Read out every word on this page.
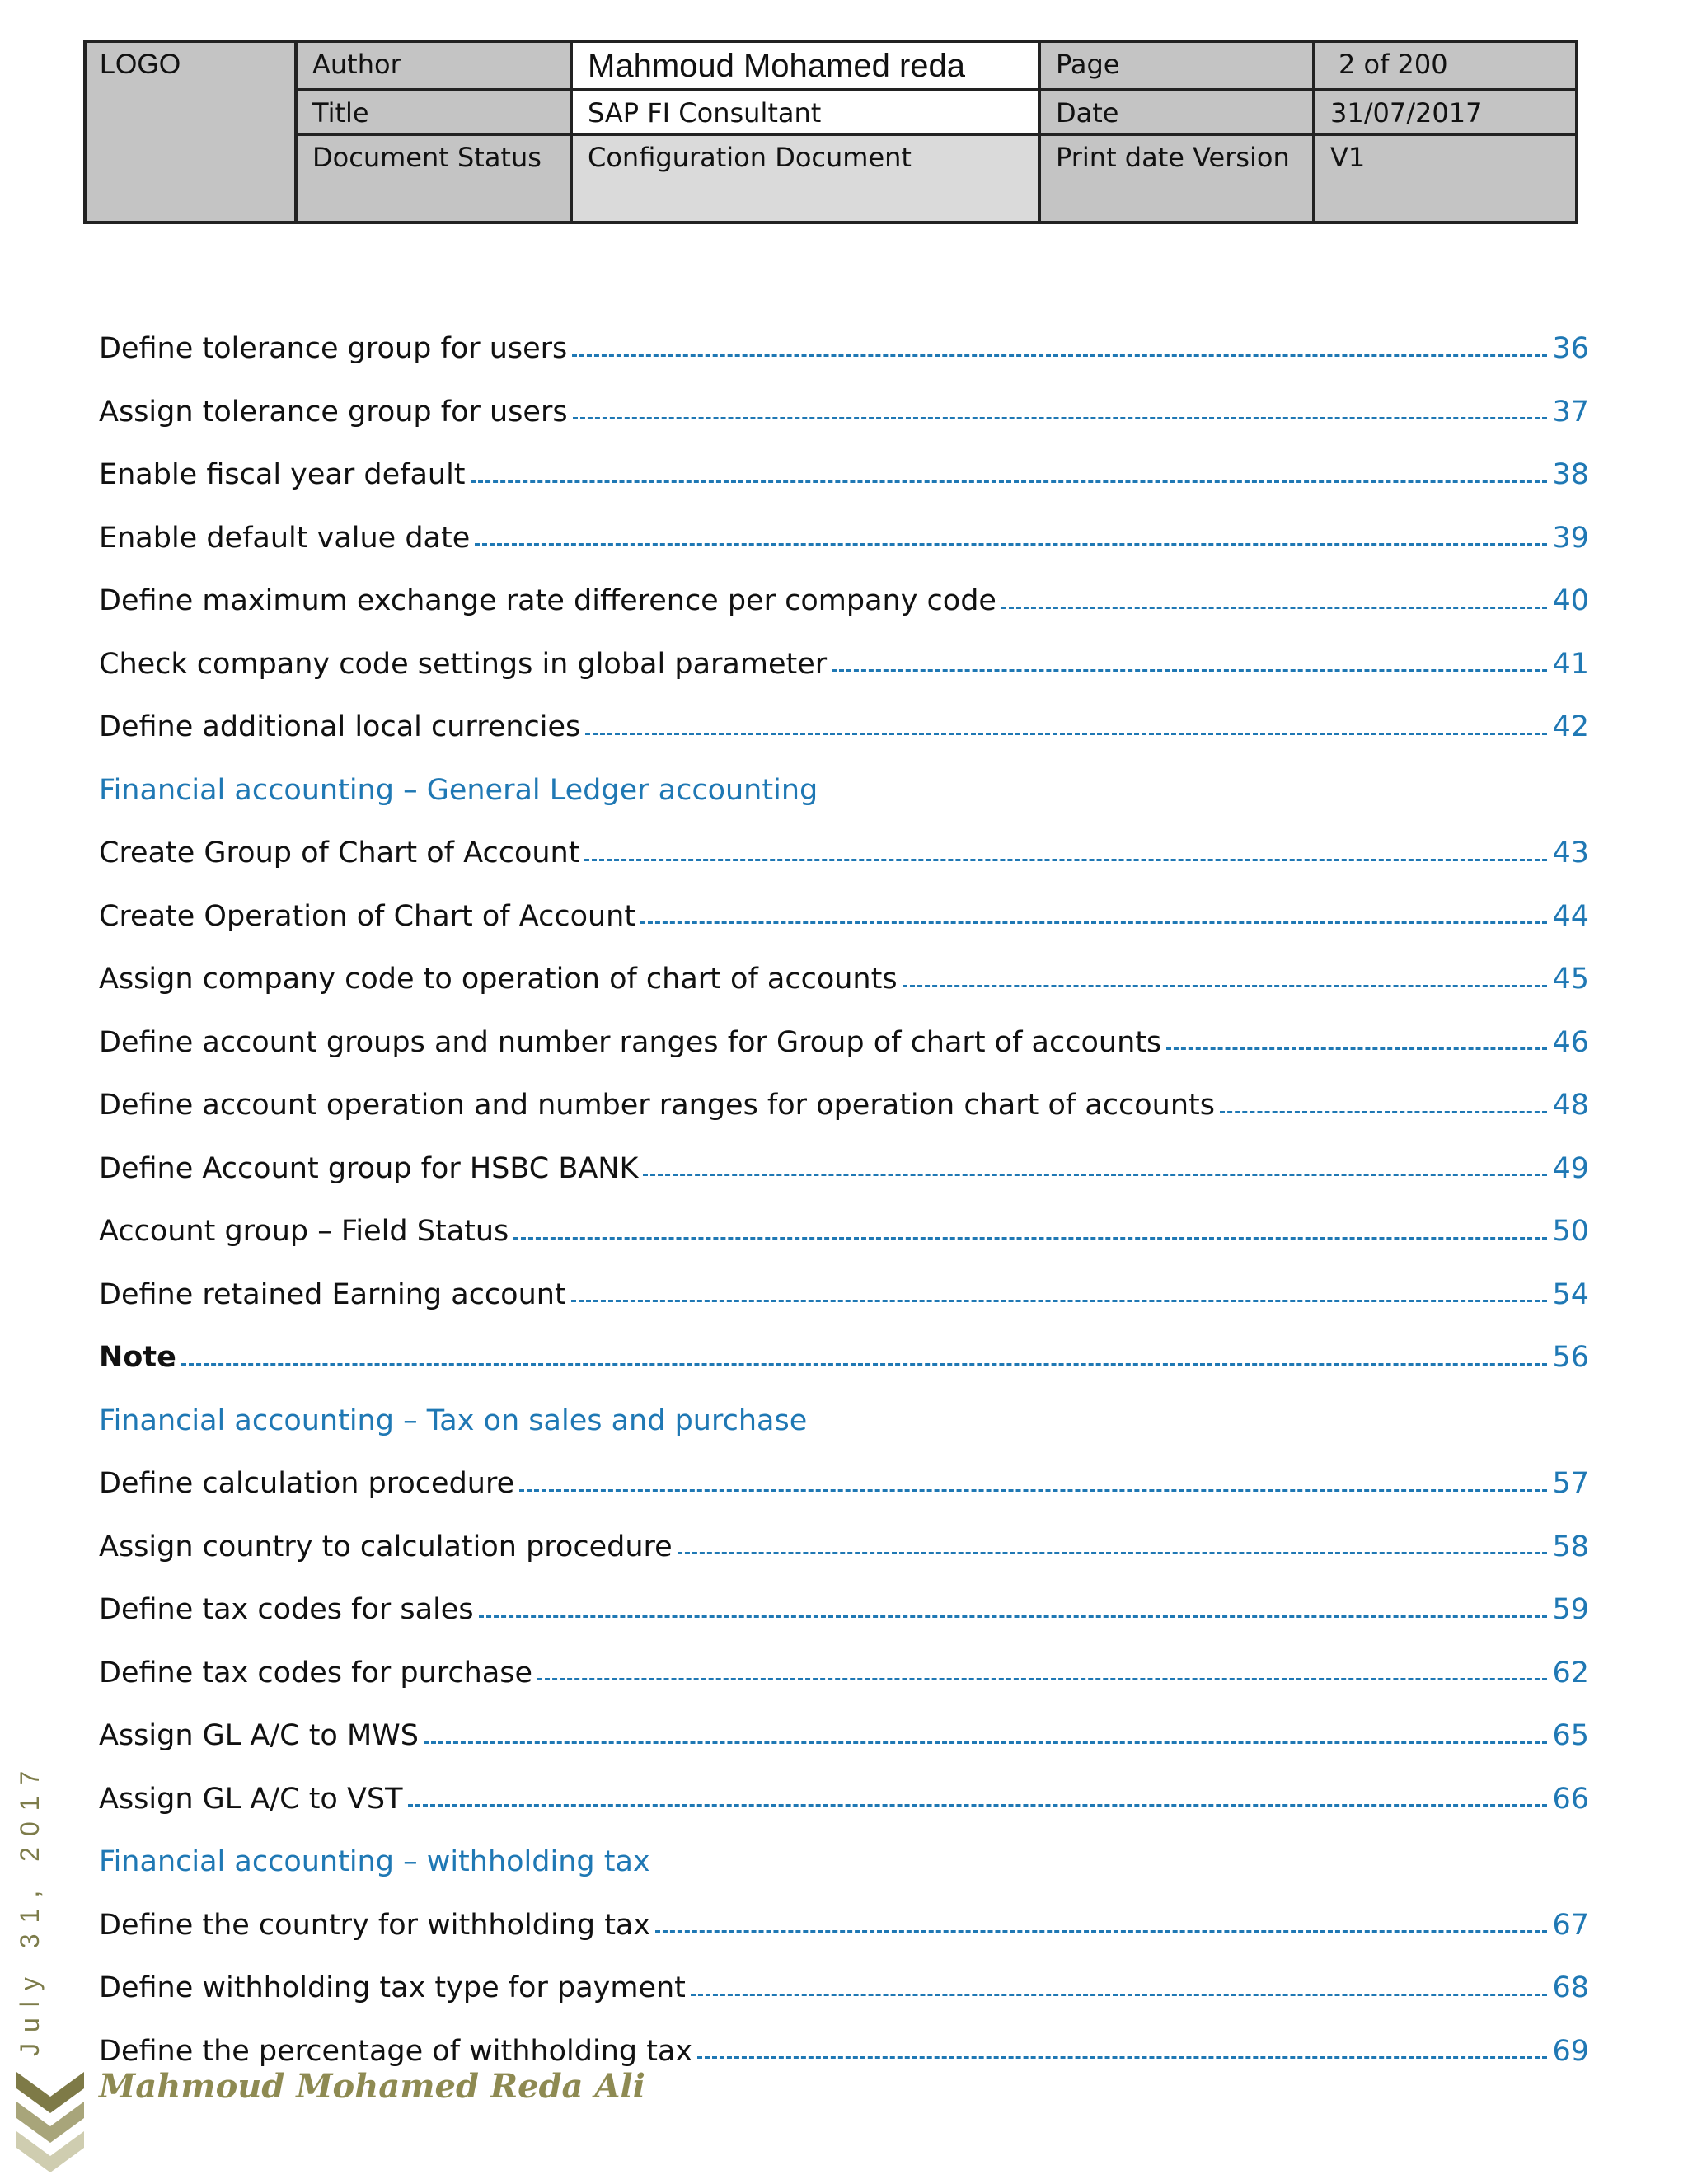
LOGO	Author	Mahmoud Mohamed reda	Page	2 of 200
	Title	SAP FI Consultant	Date	31/07/2017
	Document Status	Configuration Document	Print date Version	V1
Define tolerance group for users	36
Assign tolerance group for users	37
Enable fiscal year default	38
Enable default value date	39
Define maximum exchange rate difference per company code	40
Check company code settings in global parameter	41
Define additional local currencies	42
Financial accounting – General Ledger accounting
Create Group of Chart of Account	43
Create Operation of Chart of Account	44
Assign company code to operation of chart of accounts	45
Define account groups and number ranges for Group of chart of accounts	46
Define account operation and number ranges for operation chart of accounts	48
Define Account group for HSBC BANK	49
Account group – Field Status	50
Define retained Earning account	54
Note	56
Financial accounting – Tax on sales and purchase
Define calculation procedure	57
Assign country to calculation procedure	58
Define tax codes for sales	59
Define tax codes for purchase	62
Assign GL A/C to MWS	65
Assign GL A/C to VST	66
Financial accounting – withholding tax
Define the country for withholding tax	67
Define withholding tax type for payment	68
Define the percentage of withholding tax	69
July 31, 2017
Mahmoud Mohamed Reda Ali
